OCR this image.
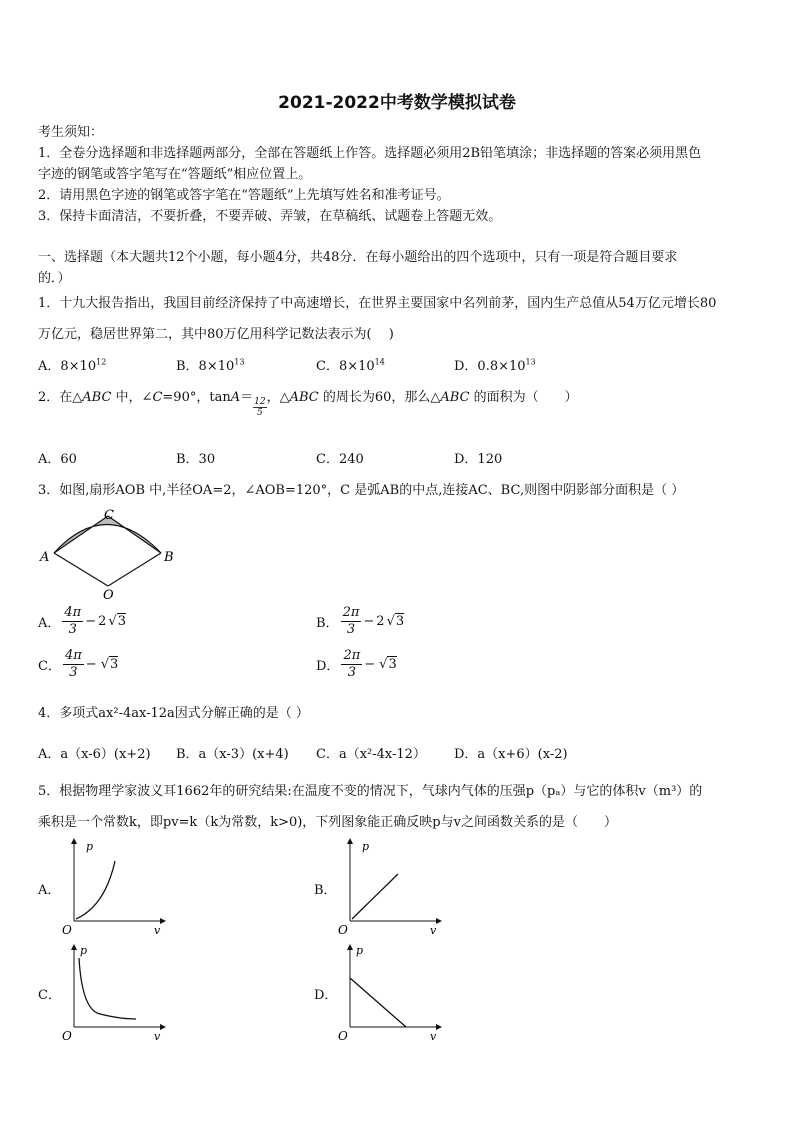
2021-2022中考数学模拟试卷
考生须知：
1．全卷分选择题和非选择题两部分，全部在答题纸上作答。选择题必须用2B铅笔填涂；非选择题的答案必须用黑色
字迹的钢笔或答字笔写在“答题纸”相应位置上。
2．请用黑色字迹的钢笔或答字笔在“答题纸”上先填写姓名和准考证号。
3．保持卡面清洁，不要折叠，不要弄破、弄皱，在草稿纸、试题卷上答题无效。
一、选择题（本大题共12个小题，每小题4分，共48分．在每小题给出的四个选项中，只有一项是符合题目要求
的．）
1．十九大报告指出，我国目前经济保持了中高速增长，在世界主要国家中名列前茅，国内生产总值从54万亿元增长80
万亿元，稳居世界第二，其中80万亿用科学记数法表示为(　 )
A．$8\times 10^{12}$	B．$8\times 10^{13}$	C．$8\times 10^{14}$	D．$0.8\times 10^{13}$
2．在△ABC 中，∠C=90°，$\tan A= \frac{12}{5}$ ，△ABC 的周长为60，那么△ABC 的面积为（　　）
A．60	B．30	C．240	D．120
3．如图,扇形AOB 中,半径OA=2，∠AOB=120°，C 是弧AB的中点,连接AC、BC,则图中阴影部分面积是（ ）
A	B
C
O
A． $\frac{4\pi}{3} - 2$ √3	B． $\frac{2\pi}{3} - 2$ √3
C． $\frac{4\pi}{3} - √3$	D． $\frac{2\pi}{3} - √3$
4．多项式ax²-4ax-12a因式分解正确的是（ ）
A．a（x-6）(x+2) B．a（x-3）(x+4) C．a（x²-4x-12） D．a（x+6）(x-2)
5．根据物理学家波义耳1662年的研究结果:在温度不变的情况下，气球内气体的压强p（pₐ）与它的体积v（m³）的
乘积是一个常数k，即pv=k（k为常数，k>0)，下列图象能正确反映p与v之间函数关系的是（　　）
A．	B．
C．	D．
p
v
O
p
v
O
p
v
O
p
v
O
